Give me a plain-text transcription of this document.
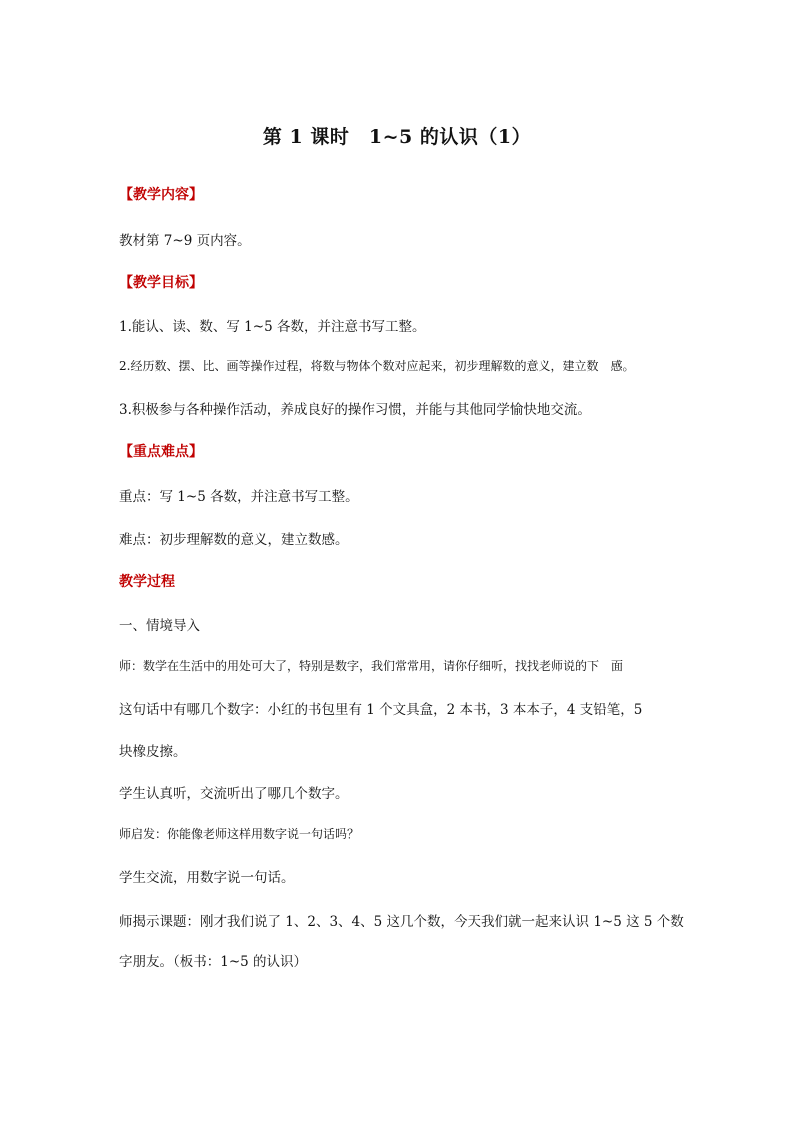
第 1 课时　1~5 的认识（1）
【教学内容】
教材第 7~9 页内容。
【教学目标】
1.能认、读、数、写 1~5 各数，并注意书写工整。
2.经历数、摆、比、画等操作过程，将数与物体个数对应起来，初步理解数的意义，建立数　感。
3.积极参与各种操作活动，养成良好的操作习惯，并能与其他同学愉快地交流。
【重点难点】
重点：写 1~5 各数，并注意书写工整。
难点：初步理解数的意义，建立数感。
教学过程
一、情境导入
师：数学在生活中的用处可大了，特别是数字，我们常常用，请你仔细听，找找老师说的下　面
这句话中有哪几个数字：小红的书包里有 1 个文具盒，2 本书，3 本本子，4 支铅笔，5
块橡皮擦。
学生认真听，交流听出了哪几个数字。
师启发：你能像老师这样用数字说一句话吗？
学生交流，用数字说一句话。
师揭示课题：刚才我们说了 1、2、3、4、5 这几个数，今天我们就一起来认识 1~5 这 5 个数
字朋友。（板书：1~5 的认识）
